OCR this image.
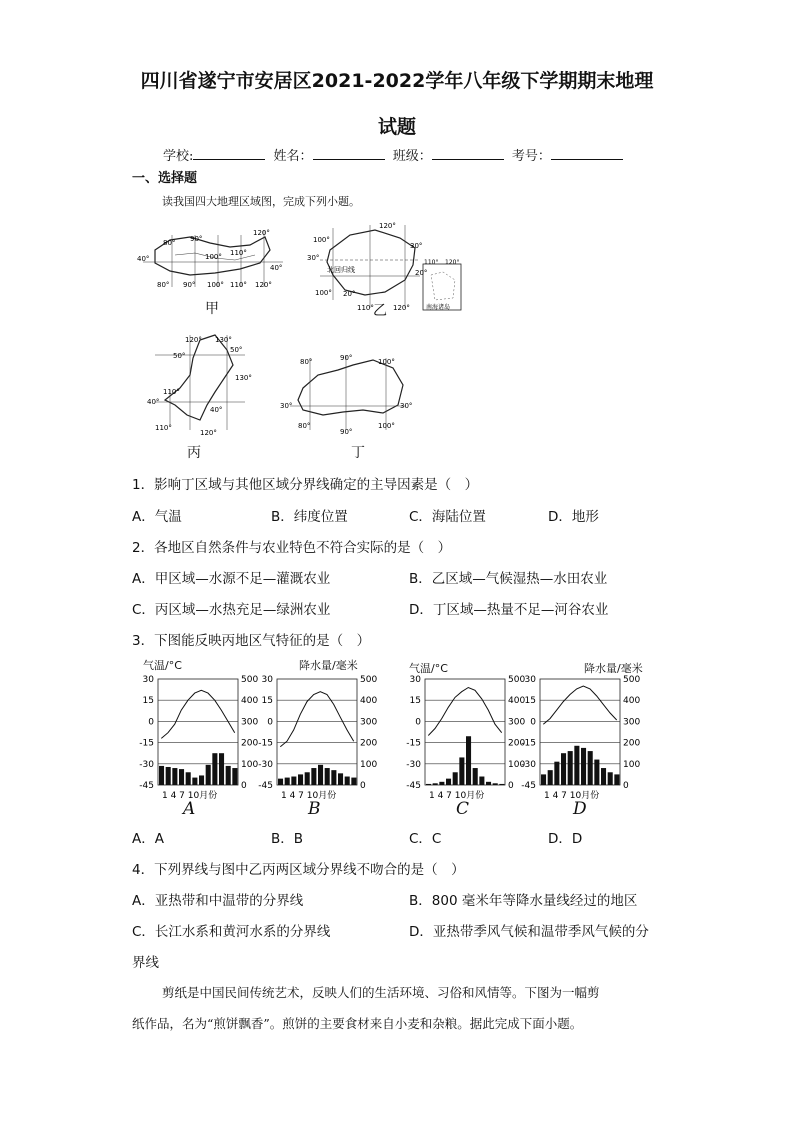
四川省遂宁市安居区2021-2022学年八年级下学期期末地理
试题
学校:	姓名：	班级：	考号：
一、选择题
读我国四大地理区域图，完成下列小题。
80° 90°
100° 110°
120°
40°
40°
80° 90° 100° 110° 120°
甲
120°
100°
30°
30°
20°
110°	120°
100°
20°
110° 120°
北回归线
南海诸岛
乙
120° 130°
50°
50°
130°
110°
40°
40°
110°
120°
丙
80°	90°	100°
30°	30°
80°
90°
100°
丁
1．影响丁区域与其他区域分界线确定的主导因素是（　）
A．气温	B．纬度位置	C．海陆位置	D．地形
2．各地区自然条件与农业特色不符合实际的是（　）
A．甲区域—水源不足—灌溉农业	B．乙区域—气候湿热—水田农业
C．丙区域—水热充足—绿洲农业	D．丁区域—热量不足—河谷农业
3．下图能反映丙地区气特征的是（　）
气温/°C	降水量/毫米	气温/°C	降水量/毫米
30
15
0
-15
-30
-45
500
400
300
200
100
0
1 4 7 10月份
30
15
0
-15
-30
-45
500
400
300
200
100
0
1 4 7 10月份
30
15
0
-15
-30
-45
500
400
300
200
100
0
1 4 7 10月份
30
15
0
-15
-30
-45
500
400
300
200
100
0
1 4 7 10月份
A	B	C	D
A．A	B．B	C．C	D．D
4．下列界线与图中乙丙两区域分界线不吻合的是（　）
A．亚热带和中温带的分界线	B．800 毫米年等降水量线经过的地区
C．长江水系和黄河水系的分界线	D．亚热带季风气候和温带季风气候的分
界线
剪纸是中国民间传统艺术，反映人们的生活环境、习俗和风情等。下图为一幅剪
纸作品，名为“煎饼飘香”。煎饼的主要食材来自小麦和杂粮。据此完成下面小题。
